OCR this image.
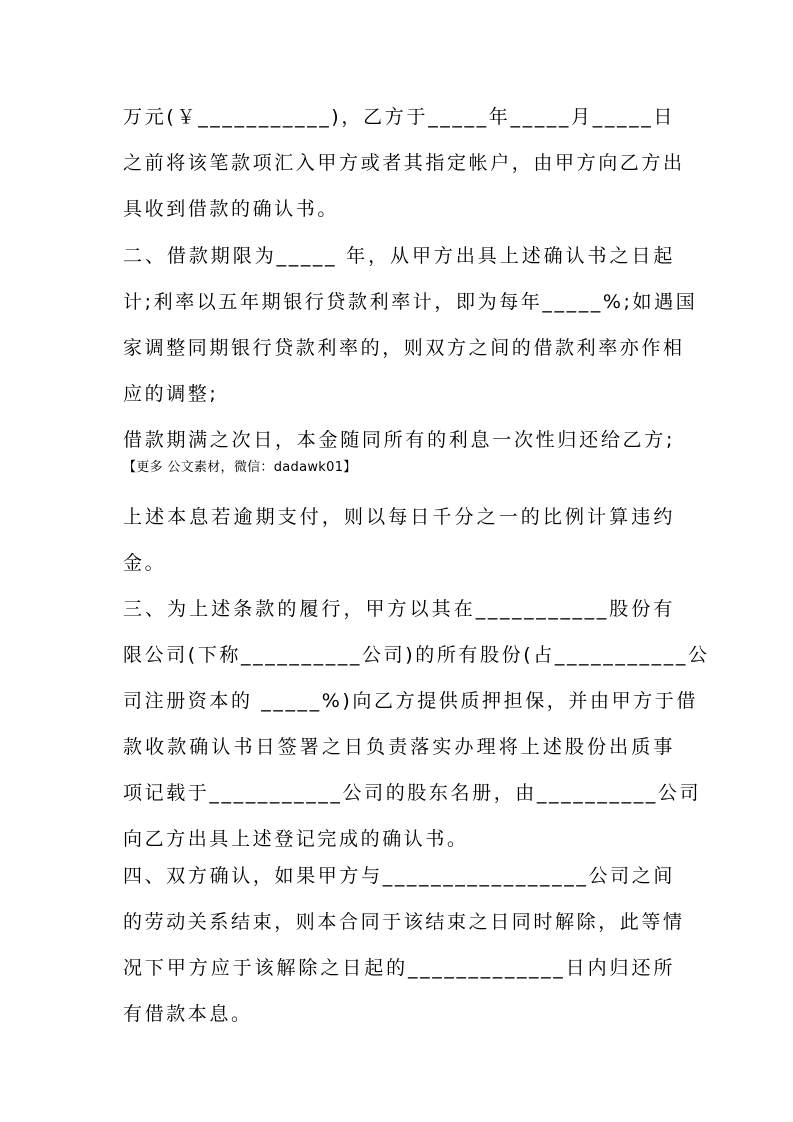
万元(￥___________)，乙方于_____年_____月_____日
之前将该笔款项汇入甲方或者其指定帐户，由甲方向乙方出
具收到借款的确认书。
二、借款期限为_____ 年，从甲方出具上述确认书之日起
计;利率以五年期银行贷款利率计，即为每年_____%;如遇国
家调整同期银行贷款利率的，则双方之间的借款利率亦作相
应的调整;
借款期满之次日，本金随同所有的利息一次性归还给乙方;
【更多 公文素材，微信：dadawk01】
上述本息若逾期支付，则以每日千分之一的比例计算违约
金。
三、为上述条款的履行，甲方以其在___________股份有
限公司(下称__________公司)的所有股份(占___________公
司注册资本的 _____%)向乙方提供质押担保，并由甲方于借
款收款确认书日签署之日负责落实办理将上述股份出质事
项记载于___________公司的股东名册，由__________公司
向乙方出具上述登记完成的确认书。
四、双方确认，如果甲方与_________________公司之间
的劳动关系结束，则本合同于该结束之日同时解除，此等情
况下甲方应于该解除之日起的_____________日内归还所
有借款本息。
